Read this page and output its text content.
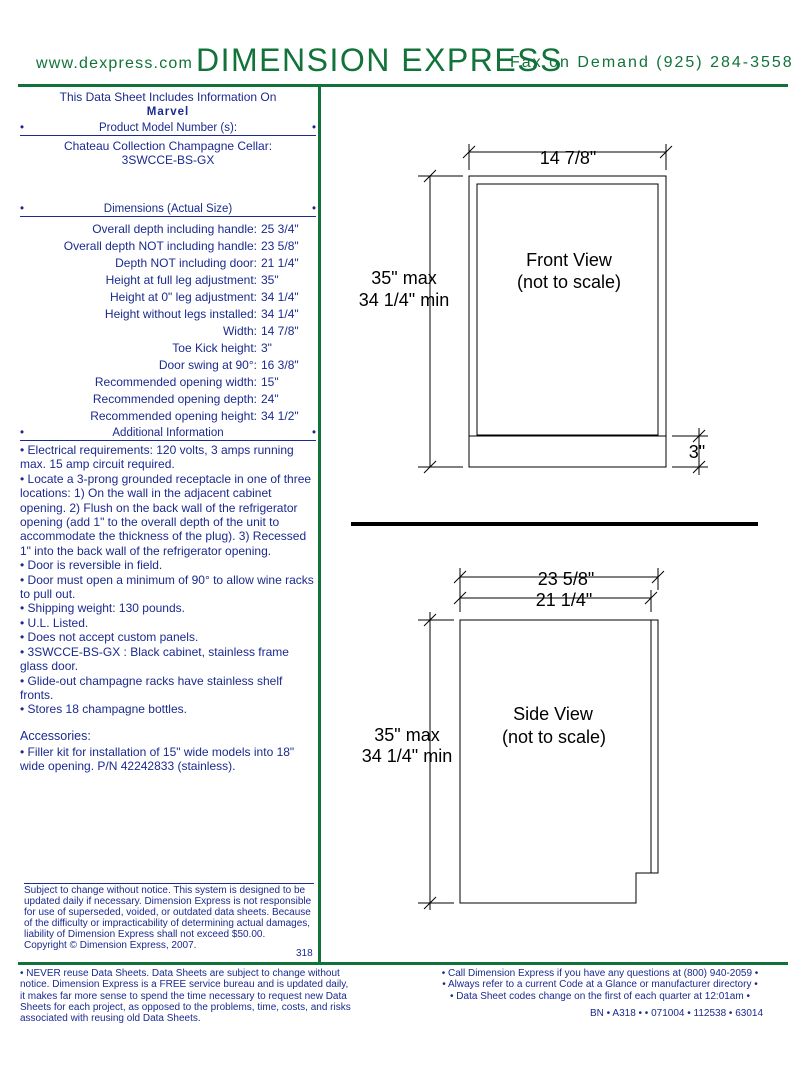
www.dexpress.com DIMENSION EXPRESS
Fax on Demand (925) 284-3558
This Data Sheet Includes Information On
Marvel
•	Product Model Number (s):	•
Chateau Collection Champagne Cellar:
3SWCCE-BS-GX
•	Dimensions (Actual Size)	•
Overall depth including handle: 25 3/4"
Overall depth NOT including handle: 23 5/8"
Depth NOT including door: 21 1/4"
Height at full leg adjustment: 35"
Height at 0" leg adjustment: 34 1/4"
Height without legs installed: 34 1/4"
Width: 14 7/8"
Toe Kick height: 3"
Door swing at 90°: 16 3/8"
Recommended opening width: 15"
Recommended opening depth: 24"
Recommended opening height: 34 1/2"
•	Additional Information	•
• Electrical requirements: 120 volts, 3 amps running max. 15 amp circuit required.
• Locate a 3-prong grounded receptacle in one of three locations: 1) On the wall in the adjacent cabinet opening. 2) Flush on the back wall of the refrigerator opening (add 1" to the overall depth of the unit to accommodate the thickness of the plug). 3) Recessed 1" into the back wall of the refrigerator opening.
• Door is reversible in field.
• Door must open a minimum of 90° to allow wine racks to pull out.
• Shipping weight: 130 pounds.
• U.L. Listed.
• Does not accept custom panels.
• 3SWCCE-BS-GX : Black cabinet, stainless frame glass door.
• Glide-out champagne racks have stainless shelf fronts.
• Stores 18 champagne bottles.
Accessories:
• Filler kit for installation of 15" wide models into 18" wide opening. P/N 42242833 (stainless).
Subject to change without notice. This system is designed to be updated daily if necessary. Dimension Express is not responsible for use of superseded, voided, or outdated data sheets. Because of the difficulty or impracticability of determining actual damages, liability of Dimension Express shall not exceed $50.00.
Copyright © Dimension Express, 2007.
318
• NEVER reuse Data Sheets. Data Sheets are subject to change without notice. Dimension Express is a FREE service bureau and is updated daily, it makes far more sense to spend the time necessary to request new Data Sheets for each project, as opposed to the problems, time, costs, and risks associated with reusing old Data Sheets.
• Call Dimension Express if you have any questions at (800) 940-2059 •
• Always refer to a current Code at a Glance or manufacturer directory •
• Data Sheet codes change on the first of each quarter at 12:01am •
BN • A318 • • 071004 • 112538 • 63014
14 7/8"
Front View
(not to scale)
35" max
34 1/4" min
3"
23 5/8"
21 1/4"
Side View
(not to scale)
35" max
34 1/4" min
